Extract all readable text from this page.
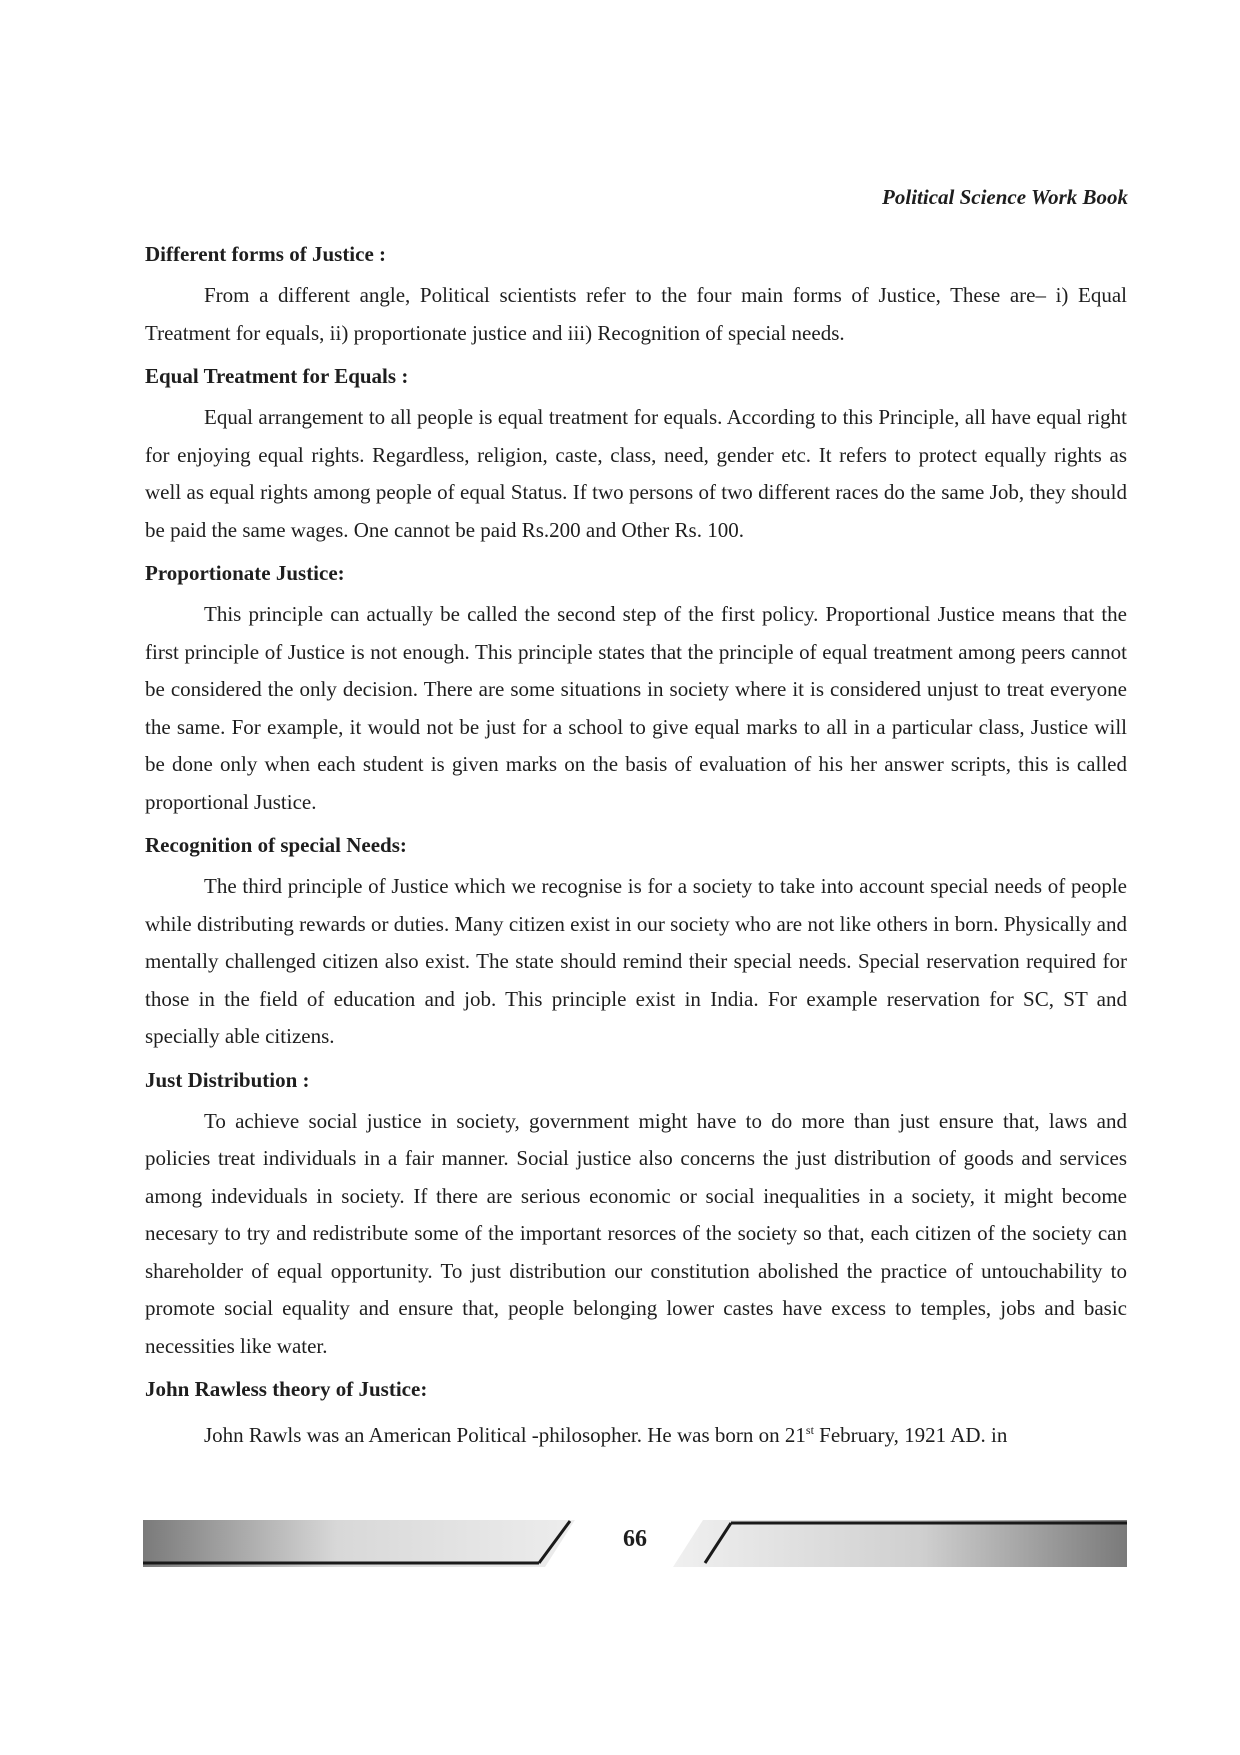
Political Science Work Book

Different forms of Justice :

From a different angle, Political scientists refer to the four main forms of Justice, These are– i) Equal Treatment for equals, ii) proportionate justice and iii) Recognition of special needs.

Equal Treatment for Equals :

Equal arrangement to all people is equal treatment for equals. According to this Principle, all have equal right for enjoying equal rights. Regardless, religion, caste, class, need, gender etc. It refers to protect equally rights as well as equal rights among people of equal Status. If two persons of two different races do the same Job, they should be paid the same wages. One cannot be paid Rs.200 and Other Rs. 100.

Proportionate Justice:

This principle can actually be called the second step of the first policy. Proportional Justice means that the first principle of Justice is not enough. This principle states that the principle of equal treatment among peers cannot be considered the only decision. There are some situations in society where it is considered unjust to treat everyone the same. For example, it would not be just for a school to give equal marks to all in a particular class, Justice will be done only when each student is given marks on the basis of evaluation of his her answer scripts, this is called proportional Justice.

Recognition of special Needs:

The third principle of Justice which we recognise is for a society to take into account special needs of people while distributing rewards or duties. Many citizen exist in our society who are not like others in born. Physically and mentally challenged citizen also exist. The state should remind their special needs. Special reservation required for those in the field of education and job. This principle exist in India. For example reservation for SC, ST and specially able citizens.

Just Distribution :

To achieve social justice in society, government might have to do more than just ensure that, laws and policies treat individuals in a fair manner. Social justice also concerns the just distribution of goods and services among indeviduals in society. If there are serious economic or social inequalities in a society, it might become necesary to try and redistribute some of the important resorces of the society so that, each citizen of the society can shareholder of equal opportunity. To just distribution our constitution abolished the practice of untouchability to promote social equality and ensure that, people belonging lower castes have excess to temples, jobs and basic necessities like water.

John Rawless theory of Justice:

John Rawls was an American Political -philosopher. He was born on 21st February, 1921 AD. in

66
